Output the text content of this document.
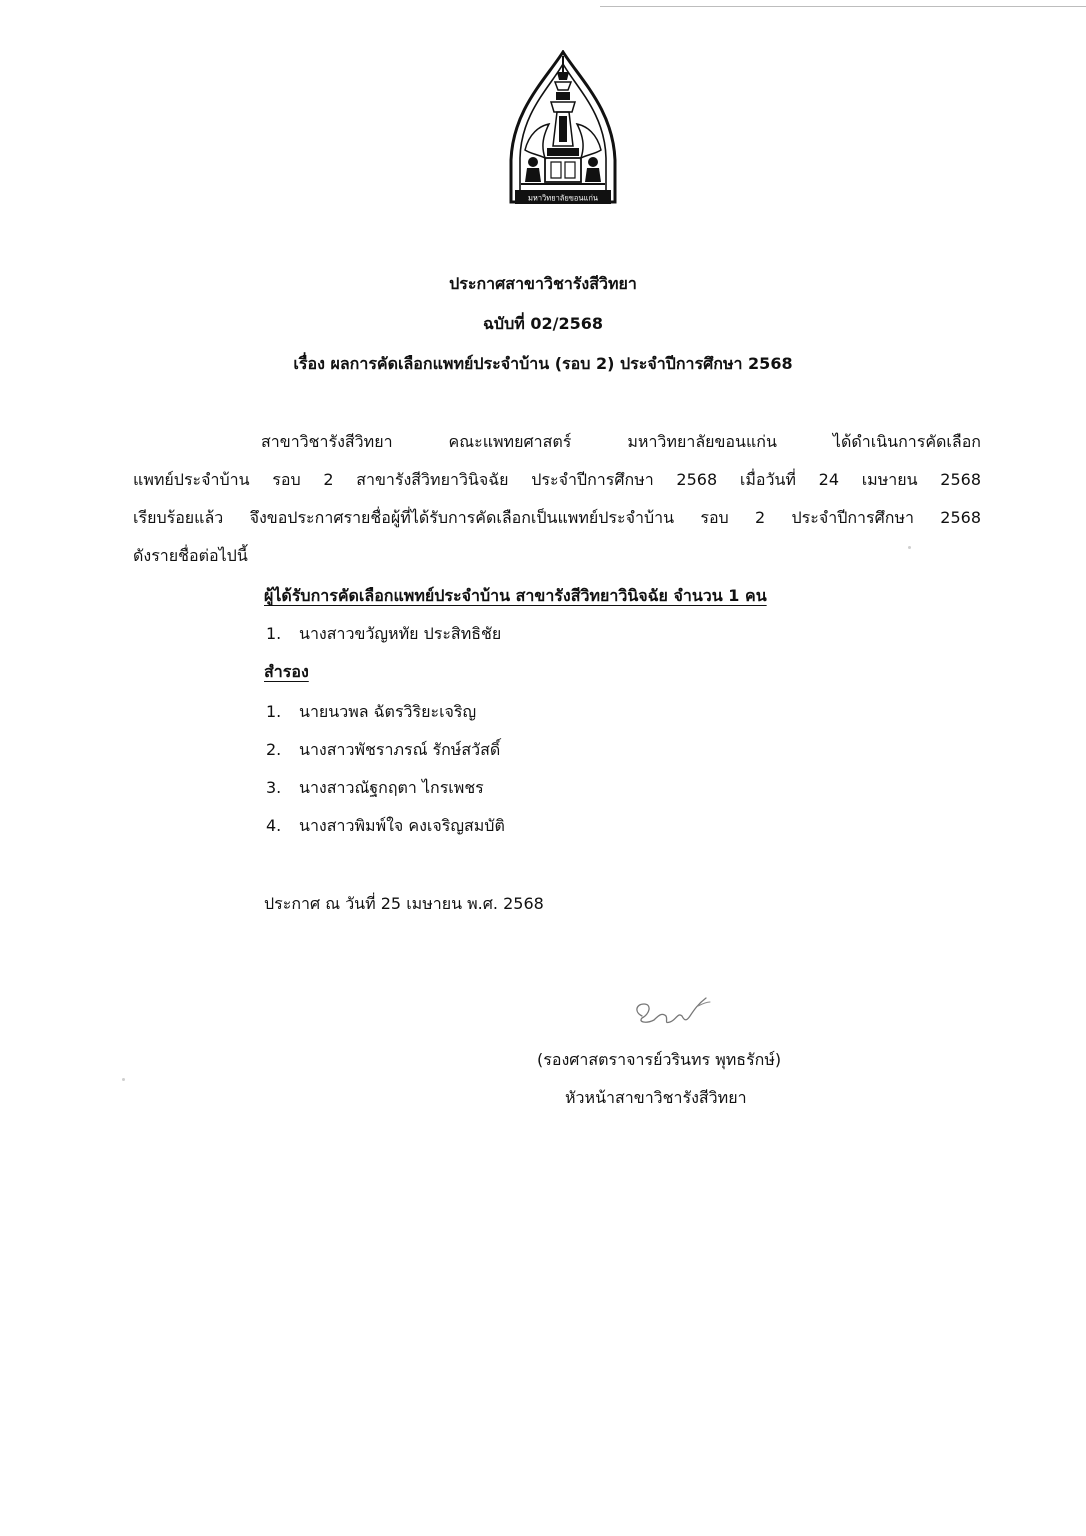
มหาวิทยาลัยขอนแก่น
ประกาศสาขาวิชารังสีวิทยา
ฉบับที่ 02/2568
เรื่อง ผลการคัดเลือกแพทย์ประจำบ้าน (รอบ 2) ประจำปีการศึกษา 2568
สาขาวิชารังสีวิทยา คณะแพทยศาสตร์ มหาวิทยาลัยขอนแก่น ได้ดำเนินการคัดเลือก
แพทย์ประจำบ้าน รอบ 2 สาขารังสีวิทยาวินิจฉัย ประจำปีการศึกษา 2568 เมื่อวันที่ 24 เมษายน 2568
เรียบร้อยแล้ว จึงขอประกาศรายชื่อผู้ที่ได้รับการคัดเลือกเป็นแพทย์ประจำบ้าน รอบ 2 ประจำปีการศึกษา 2568
ดังรายชื่อต่อไปนี้
ผู้ได้รับการคัดเลือกแพทย์ประจำบ้าน สาขารังสีวิทยาวินิจฉัย จำนวน 1 คน
1. นางสาวขวัญหทัย ประสิทธิชัย
สำรอง
1. นายนวพล ฉัตรวิริยะเจริญ
2. นางสาวพัชราภรณ์ รักษ์สวัสดิ์
3. นางสาวณัฐกฤตา ไกรเพชร
4. นางสาวพิมพ์ใจ คงเจริญสมบัติ
ประกาศ ณ วันที่ 25 เมษายน พ.ศ. 2568
(รองศาสตราจารย์วรินทร พุทธรักษ์)
หัวหน้าสาขาวิชารังสีวิทยา
